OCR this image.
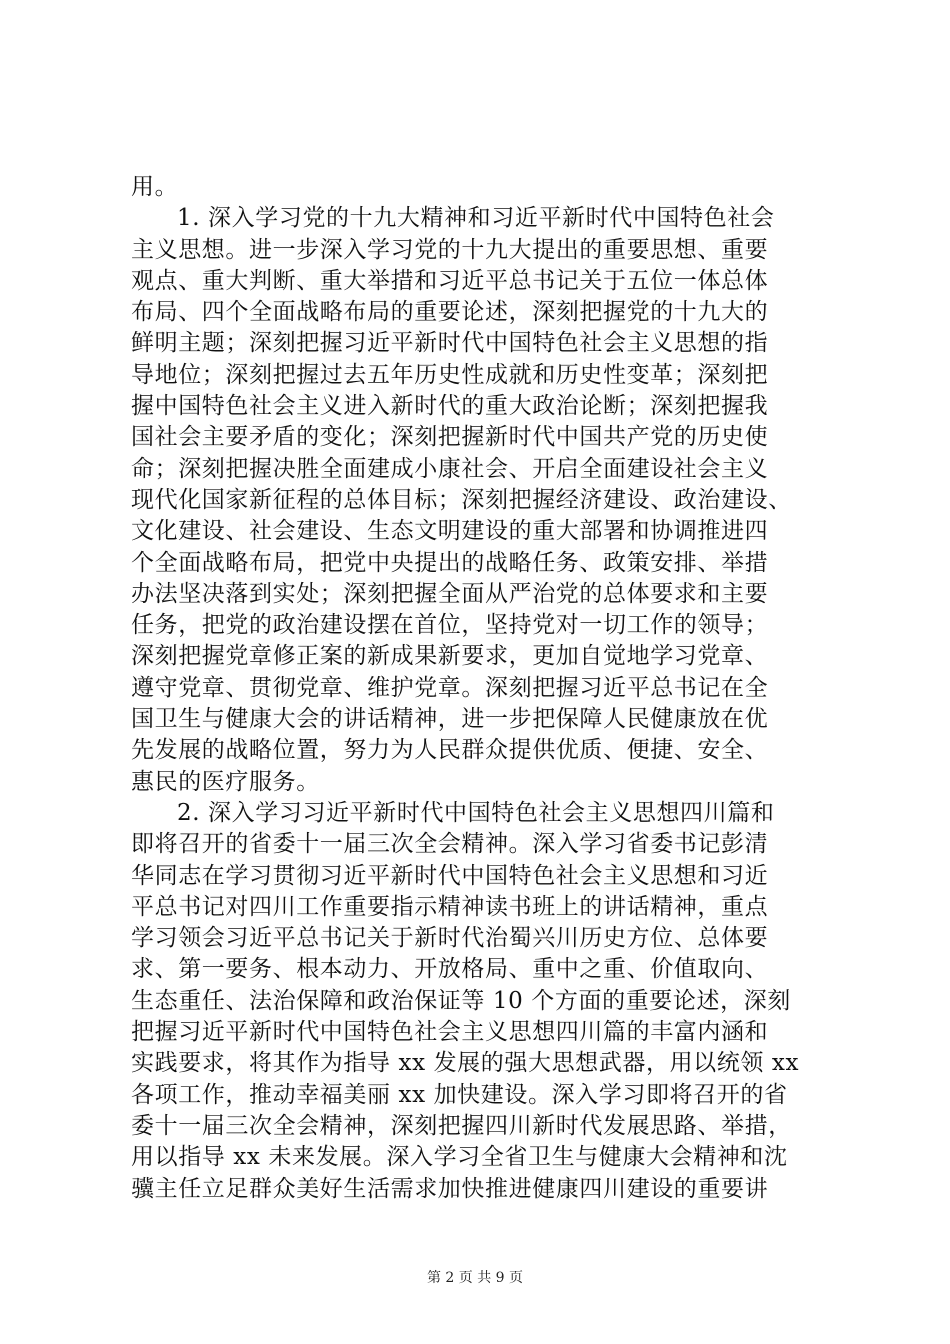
用。
1. 深入学习党的十九大精神和习近平新时代中国特色社会
主义思想。进一步深入学习党的十九大提出的重要思想、重要
观点、重大判断、重大举措和习近平总书记关于五位一体总体
布局、四个全面战略布局的重要论述，深刻把握党的十九大的
鲜明主题；深刻把握习近平新时代中国特色社会主义思想的指
导地位；深刻把握过去五年历史性成就和历史性变革；深刻把
握中国特色社会主义进入新时代的重大政治论断；深刻把握我
国社会主要矛盾的变化；深刻把握新时代中国共产党的历史使
命；深刻把握决胜全面建成小康社会、开启全面建设社会主义
现代化国家新征程的总体目标；深刻把握经济建设、政治建设、
文化建设、社会建设、生态文明建设的重大部署和协调推进四
个全面战略布局，把党中央提出的战略任务、政策安排、举措
办法坚决落到实处；深刻把握全面从严治党的总体要求和主要
任务，把党的政治建设摆在首位，坚持党对一切工作的领导；
深刻把握党章修正案的新成果新要求，更加自觉地学习党章、
遵守党章、贯彻党章、维护党章。深刻把握习近平总书记在全
国卫生与健康大会的讲话精神，进一步把保障人民健康放在优
先发展的战略位置，努力为人民群众提供优质、便捷、安全、
惠民的医疗服务。
2. 深入学习习近平新时代中国特色社会主义思想四川篇和
即将召开的省委十一届三次全会精神。深入学习省委书记彭清
华同志在学习贯彻习近平新时代中国特色社会主义思想和习近
平总书记对四川工作重要指示精神读书班上的讲话精神，重点
学习领会习近平总书记关于新时代治蜀兴川历史方位、总体要
求、第一要务、根本动力、开放格局、重中之重、价值取向、
生态重任、法治保障和政治保证等 10 个方面的重要论述，深刻
把握习近平新时代中国特色社会主义思想四川篇的丰富内涵和
实践要求，将其作为指导 xx 发展的强大思想武器，用以统领 xx
各项工作，推动幸福美丽 xx 加快建设。深入学习即将召开的省
委十一届三次全会精神，深刻把握四川新时代发展思路、举措，
用以指导 xx 未来发展。深入学习全省卫生与健康大会精神和沈
骥主任立足群众美好生活需求加快推进健康四川建设的重要讲
第 2 页 共 9 页
